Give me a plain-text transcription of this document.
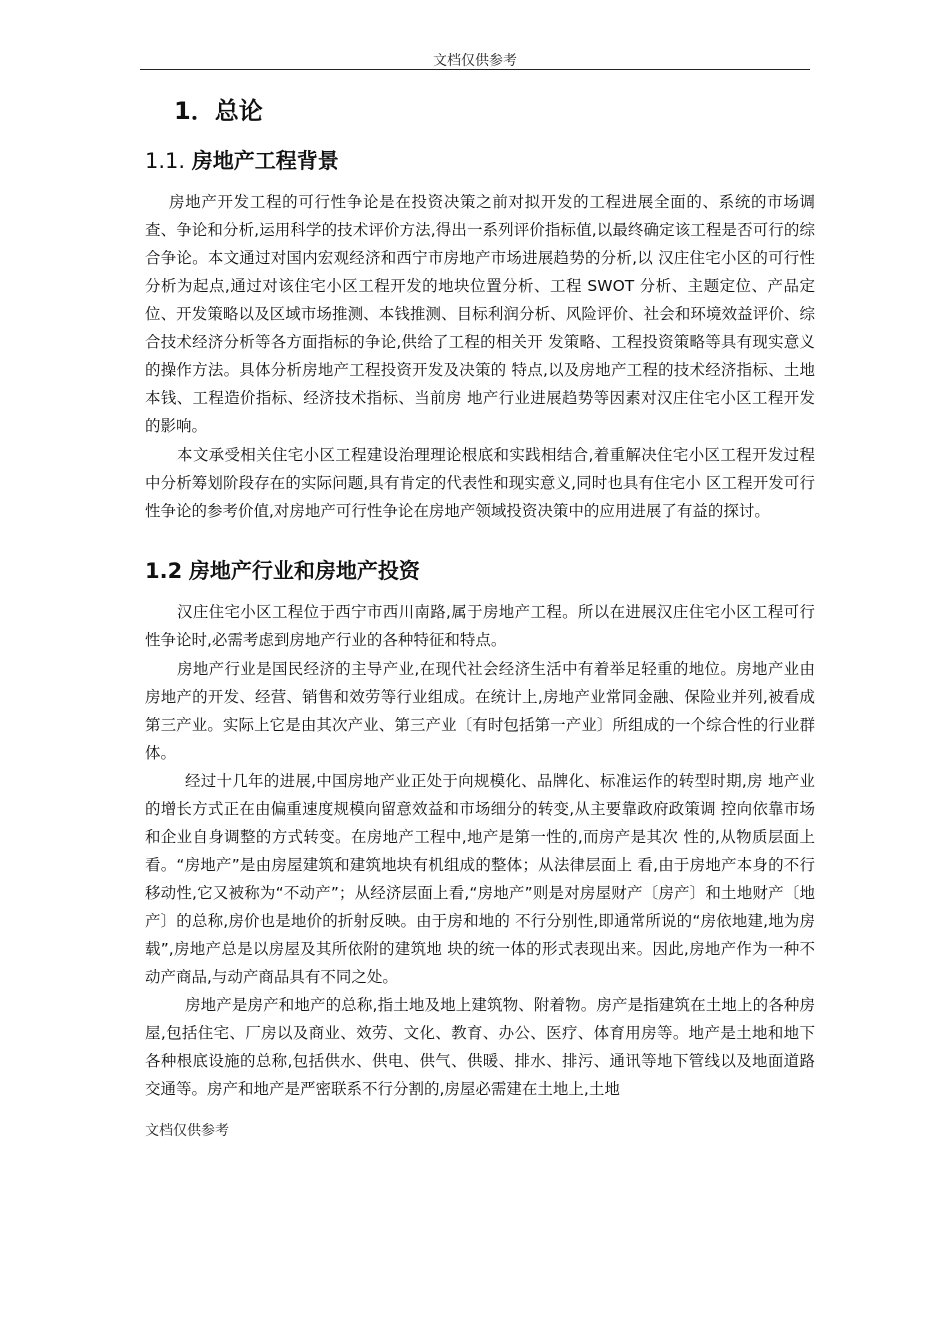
文档仅供参考
1．总论
1.1. 房地产工程背景

房地产开发工程的可行性争论是在投资决策之前对拟开发的工程进展全面的、系统的市场调查、争论和分析,运用科学的技术评价方法,得出一系列评价指标值,以最终确定该工程是否可行的综合争论。本文通过对国内宏观经济和西宁市房地产市场进展趋势的分析,以 汉庄住宅小区的可行性分析为起点,通过对该住宅小区工程开发的地块位置分析、工程 SWOT 分析、主题定位、产品定位、开发策略以及区域市场推测、本钱推测、目标利润分析、风险评价、社会和环境效益评价、综合技术经济分析等各方面指标的争论,供给了工程的相关开 发策略、工程投资策略等具有现实意义的操作方法。具体分析房地产工程投资开发及决策的 特点,以及房地产工程的技术经济指标、土地本钱、工程造价指标、经济技术指标、当前房 地产行业进展趋势等因素对汉庄住宅小区工程开发的影响。

本文承受相关住宅小区工程建设治理理论根底和实践相结合,着重解决住宅小区工程开发过程中分析筹划阶段存在的实际问题,具有肯定的代表性和现实意义,同时也具有住宅小 区工程开发可行性争论的参考价值,对房地产可行性争论在房地产领域投资决策中的应用进展了有益的探讨。

1.2 房地产行业和房地产投资

汉庄住宅小区工程位于西宁市西川南路,属于房地产工程。所以在进展汉庄住宅小区工程可行性争论时,必需考虑到房地产行业的各种特征和特点。

房地产行业是国民经济的主导产业,在现代社会经济生活中有着举足轻重的地位。房地产业由房地产的开发、经营、销售和效劳等行业组成。在统计上,房地产业常同金融、保险业并列,被看成第三产业。实际上它是由其次产业、第三产业〔有时包括第一产业〕所组成的一个综合性的行业群体。

经过十几年的进展,中国房地产业正处于向规模化、品牌化、标准运作的转型时期,房 地产业的增长方式正在由偏重速度规模向留意效益和市场细分的转变,从主要靠政府政策调 控向依靠市场和企业自身调整的方式转变。在房地产工程中,地产是第一性的,而房产是其次 性的,从物质层面上看。“房地产”是由房屋建筑和建筑地块有机组成的整体；从法律层面上 看,由于房地产本身的不行移动性,它又被称为“不动产”；从经济层面上看,“房地产”则是对房屋财产〔房产〕和土地财产〔地产〕的总称,房价也是地价的折射反映。由于房和地的 不行分别性,即通常所说的“房依地建,地为房载”,房地产总是以房屋及其所依附的建筑地 块的统一体的形式表现出来。因此,房地产作为一种不动产商品,与动产商品具有不同之处。

房地产是房产和地产的总称,指土地及地上建筑物、附着物。房产是指建筑在土地上的各种房屋,包括住宅、厂房以及商业、效劳、文化、教育、办公、医疗、体育用房等。地产是土地和地下各种根底设施的总称,包括供水、供电、供气、供暖、排水、排污、通讯等地下管线以及地面道路交通等。房产和地产是严密联系不行分割的,房屋必需建在土地上,土地

文档仅供参考
